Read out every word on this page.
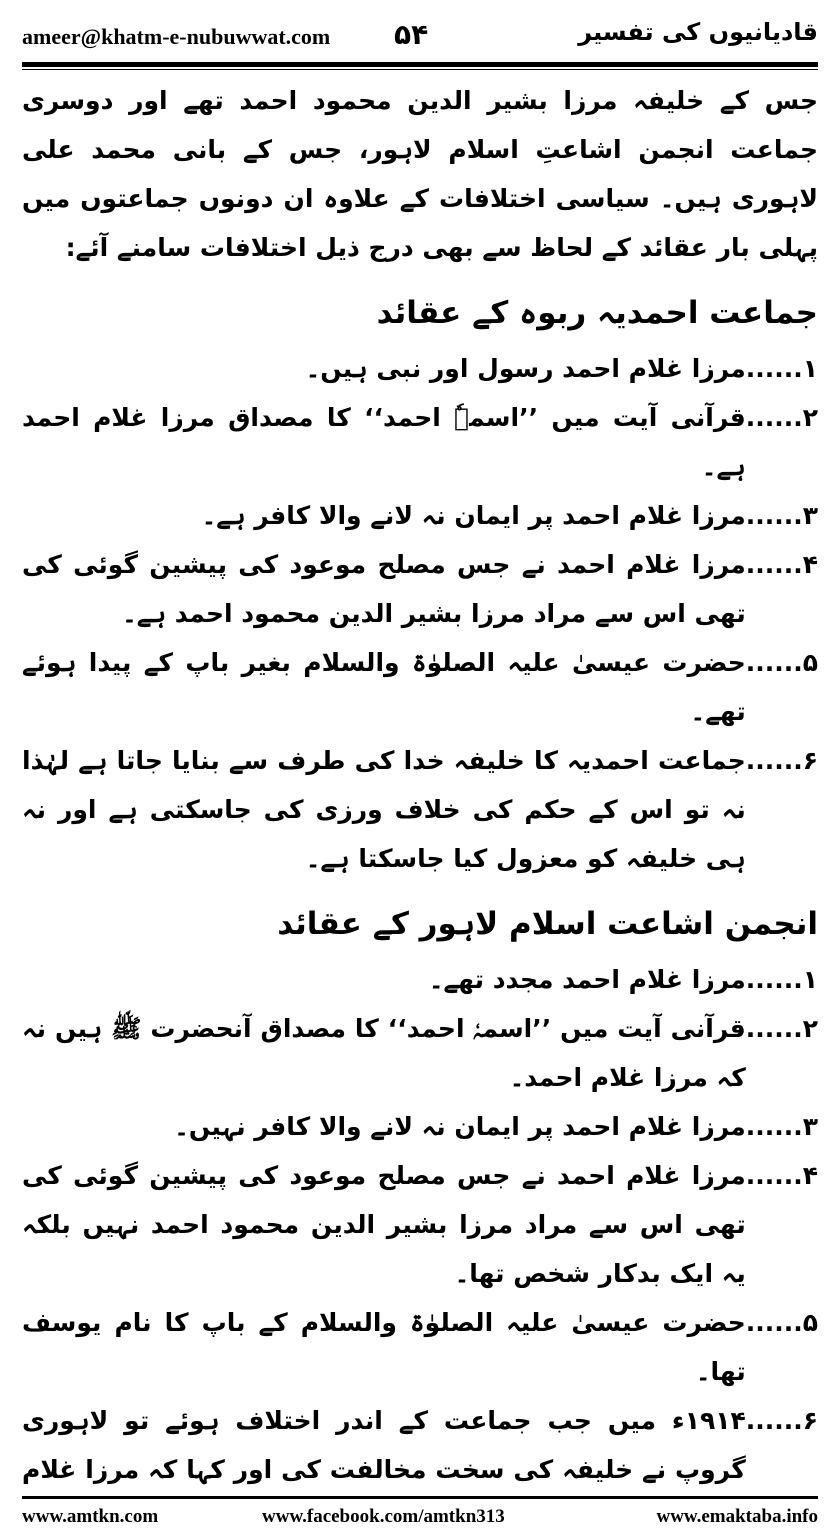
ameer@khatm-e-nubuwwat.com ۵۴	قادیانیوں کی تفسیر

جس کے خلیفہ مرزا بشیر الدین محمود احمد تھے اور دوسری جماعت انجمن اشاعتِ اسلام لاہور، جس کے بانی محمد علی لاہوری ہیں۔ سیاسی اختلافات کے علاوہ ان دونوں جماعتوں میں پہلی بار عقائد کے لحاظ سے بھی درج ذیل اختلافات سامنے آئے:

جماعت احمدیہ ربوہ کے عقائد
۱......
مرزا غلام احمد رسول اور نبی ہیں۔
۲......
قرآنی آیت میں ’’اسمہٗ احمد‘‘ کا مصداق مرزا غلام احمد ہے۔
۳......
مرزا غلام احمد پر ایمان نہ لانے والا کافر ہے۔
۴......
مرزا غلام احمد نے جس مصلح موعود کی پیشین گوئی کی تھی اس سے مراد مرزا بشیر الدین محمود احمد ہے۔
۵......
حضرت عیسیٰ علیہ الصلوٰۃ والسلام بغیر باپ کے پیدا ہوئے تھے۔
۶......
جماعت احمدیہ کا خلیفہ خدا کی طرف سے بنایا جاتا ہے لہٰذا نہ تو اس کے حکم کی خلاف ورزی کی جاسکتی ہے اور نہ ہی خلیفہ کو معزول کیا جاسکتا ہے۔
انجمن اشاعت اسلام لاہور کے عقائد
۱......
مرزا غلام احمد مجدد تھے۔
۲......
قرآنی آیت میں ’’اسمہٗ احمد‘‘ کا مصداق آنحضرت ﷺ ہیں نہ کہ مرزا غلام احمد۔
۳......
مرزا غلام احمد پر ایمان نہ لانے والا کافر نہیں۔
۴......
مرزا غلام احمد نے جس مصلح موعود کی پیشین گوئی کی تھی اس سے مراد مرزا بشیر الدین محمود احمد نہیں بلکہ یہ ایک بدکار شخص تھا۔
۵......
حضرت عیسیٰ علیہ الصلوٰۃ والسلام کے باپ کا نام یوسف تھا۔
۶......
۱۹۱۴ء میں جب جماعت کے اندر اختلاف ہوئے تو لاہوری گروپ نے خلیفہ کی سخت مخالفت کی اور کہا کہ مرزا غلام
www.amtkn.com	www.facebook.com/amtkn313	www.emaktaba.info
